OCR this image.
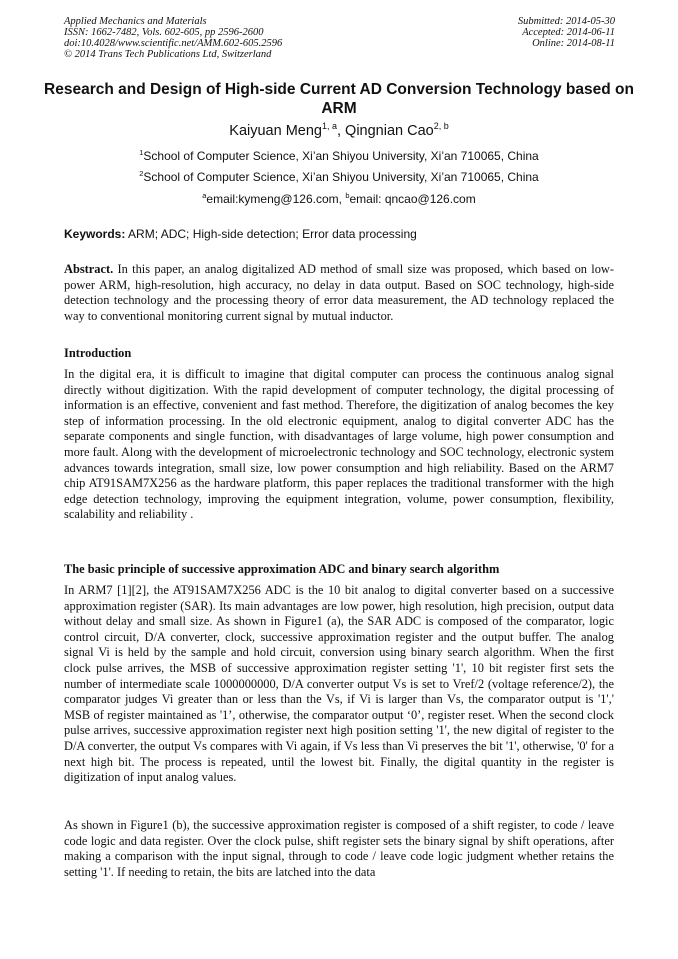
Applied Mechanics and Materials
ISSN: 1662-7482, Vols. 602-605, pp 2596-2600
doi:10.4028/www.scientific.net/AMM.602-605.2596
© 2014 Trans Tech Publications Ltd, Switzerland
Submitted: 2014-05-30
Accepted: 2014-06-11
Online: 2014-08-11
Research and Design of High-side Current AD Conversion Technology based on ARM
Kaiyuan Meng$^{1, a}$, Qingnian Cao$^{2, b}$
$^1$School of Computer Science, Xi’an Shiyou University, Xi’an 710065, China
$^2$School of Computer Science, Xi’an Shiyou University, Xi’an 710065, China
$^a$email:kymeng@126.com, $^b$email: qncao@126.com
Keywords: ARM; ADC; High-side detection; Error data processing

Abstract. In this paper, an analog digitalized AD method of small size was proposed, which based on low-power ARM, high-resolution, high accuracy, no delay in data output. Based on SOC technology, high-side detection technology and the processing theory of error data measurement, the AD technology replaced the way to conventional monitoring current signal by mutual inductor.

Introduction

In the digital era, it is difficult to imagine that digital computer can process the continuous analog signal directly without digitization. With the rapid development of computer technology, the digital processing of information is an effective, convenient and fast method. Therefore, the digitization of analog becomes the key step of information processing. In the old electronic equipment, analog to digital converter ADC has the separate components and single function, with disadvantages of large volume, high power consumption and more fault. Along with the development of microelectronic technology and SOC technology, electronic system advances towards integration, small size, low power consumption and high reliability. Based on the ARM7 chip AT91SAM7X256 as the hardware platform, this paper replaces the traditional transformer with the high edge detection technology, improving the equipment integration, volume, power consumption, flexibility, scalability and reliability .

The basic principle of successive approximation ADC and binary search algorithm

In ARM7 [1][2], the AT91SAM7X256 ADC is the 10 bit analog to digital converter based on a successive approximation register (SAR). Its main advantages are low power, high resolution, high precision, output data without delay and small size. As shown in Figure1 (a), the SAR ADC is composed of the comparator, logic control circuit, D/A converter, clock, successive approximation register and the output buffer. The analog signal Vi is held by the sample and hold circuit, conversion using binary search algorithm. When the first clock pulse arrives, the MSB of successive approximation register setting '1', 10 bit register first sets the number of intermediate scale 1000000000, D/A converter output Vs is set to Vref/2 (voltage reference/2), the comparator judges Vi greater than or less than the Vs, if Vi is larger than Vs, the comparator output is '1',' MSB of register maintained as '1’, otherwise, the comparator output ‘0’, register reset. When the second clock pulse arrives, successive approximation register next high position setting '1', the new digital of register to the D/A converter, the output Vs compares with Vi again, if Vs less than Vi preserves the bit '1', otherwise, '0' for a next high bit. The process is repeated, until the lowest bit. Finally, the digital quantity in the register is digitization of input analog values.

As shown in Figure1 (b), the successive approximation register is composed of a shift register, to code / leave code logic and data register. Over the clock pulse, shift register sets the binary signal by shift operations, after making a comparison with the input signal, through to code / leave code logic judgment whether retains the setting '1'. If needing to retain, the bits are latched into the data
